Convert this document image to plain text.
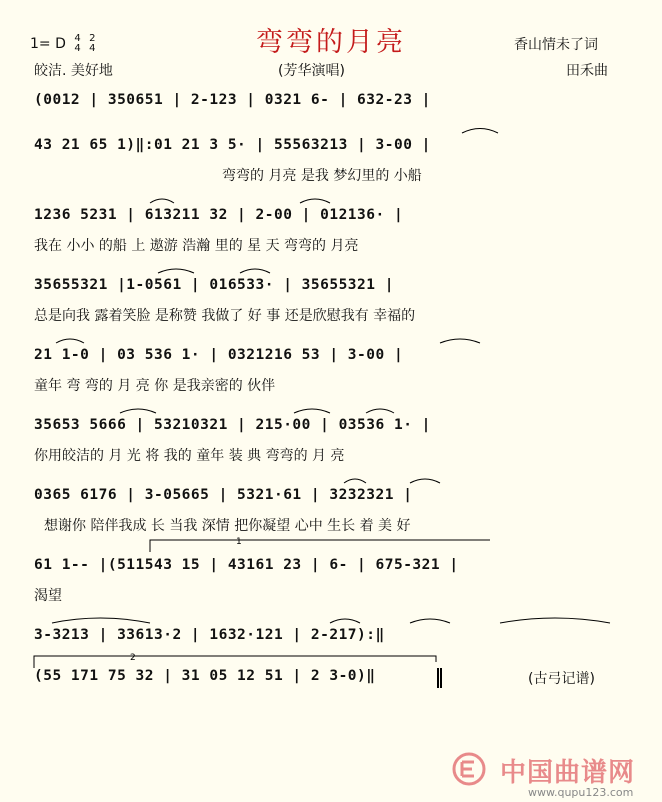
弯弯的月亮
1= D 4
4

2
4	香山情未了词
皎洁. 美好地	(芳华演唱)	田禾曲
(0012 | 350651 | 2-123 | 0321 6- | 632-23 |
43 21 65 1)‖:01 21 3 5· | 55563213 | 3-00 |
弯弯的 月亮 是我 梦幻里的 小船
1236 5231 | 613211 32 | 2-00 | 012136· |
我在 小小 的船 上 遨游 浩瀚 里的 星 天 弯弯的 月亮
35655321 |1-0561 | 016533· | 35655321 |
总是向我 露着笑脸 是称赞 我做了 好 事 还是欣慰我有 幸福的
21 1-0 | 03 536 1· | 0321216 53 | 3-00 |
童年 弯 弯的 月 亮 你 是我亲密的 伙伴
35653 5666 | 53210321 | 215·00 | 03536 1· |
你用皎洁的 月 光 将 我的 童年 装 典 弯弯的 月 亮
0365 6176 | 3-05665 | 5321·61 | 3232321 |
想谢你 陪伴我成 长 当我 深情 把你凝望 心中 生长 着 美 好
61 1-- |(511543 15 | 43161 23 | 6- | 675-321 |
渴望
3-3213 | 33613·2 | 1632·121 | 2-217):‖
(55 171 75 32 | 31 05 12 51 | 2 3-0)‖	(古弓记谱)
1
2
中国曲谱网
www.qupu123.com
